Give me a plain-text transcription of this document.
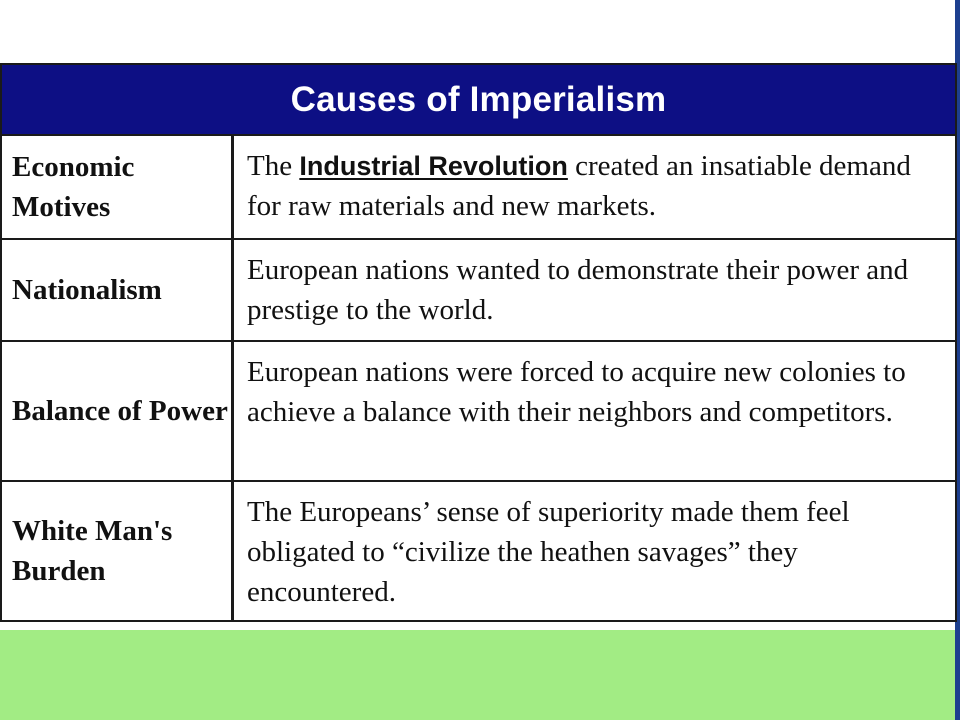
Causes of Imperialism
Economic Motives
The Industrial Revolution created an insatiable demand for raw materials and new markets.
Nationalism
European nations wanted to demonstrate their power and prestige to the world.
Balance of Power
European nations were forced to acquire new colonies to achieve a balance with their neighbors and competitors.
White Man's Burden
The Europeans’ sense of superiority made them feel obligated to “civilize the heathen savages” they encountered.
